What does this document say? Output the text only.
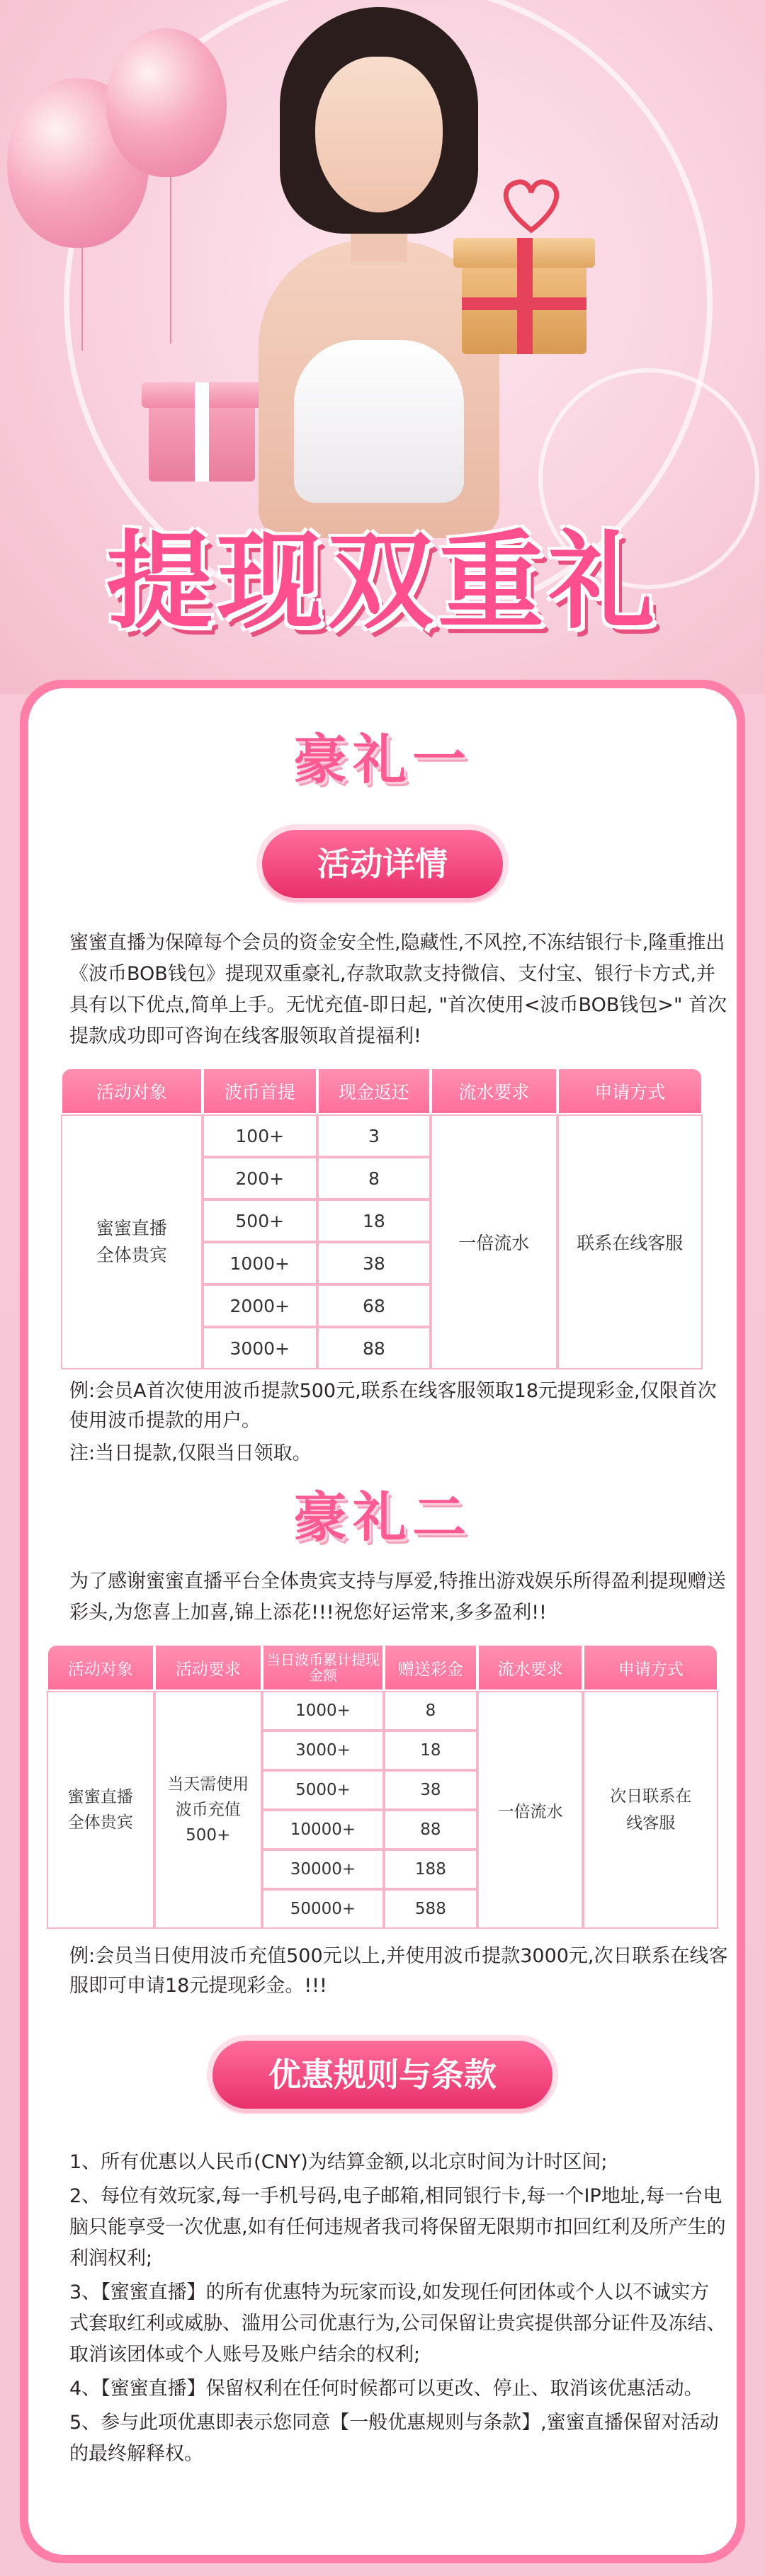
提现双重礼
豪礼一
活动详情
蜜蜜直播为保障每个会员的资金安全性,隐藏性,不风控,不冻结银行卡,隆重推出《波币BOB钱包》提现双重豪礼,存款取款支持微信、支付宝、银行卡方式,并具有以下优点,简单上手。无忧充值-即日起, "首次使用<波币BOB钱包>" 首次提款成功即可咨询在线客服领取首提福利!
活动对象	波币首提	现金返还	流水要求	申请方式
蜜蜜直播全体贵宾	100+	3	一倍流水	联系在线客服
	200+	8		
	500+	18		
	1000+	38		
	2000+	68		
	3000+	88		
例:会员A首次使用波币提款500元,联系在线客服领取18元提现彩金,仅限首次使用波币提款的用户。
注:当日提款,仅限当日领取。
豪礼二
为了感谢蜜蜜直播平台全体贵宾支持与厚爱,特推出游戏娱乐所得盈利提现赠送彩头,为您喜上加喜,锦上添花!!!祝您好运常来,多多盈利!!
活动对象	活动要求	当日波币累计提现金额	赠送彩金	流水要求	申请方式
蜜蜜直播全体贵宾	当天需使用波币充值500+	1000+	8	一倍流水	次日联系在线客服
		3000+	18		
		5000+	38		
		10000+	88		
		30000+	188		
		50000+	588		
例:会员当日使用波币充值500元以上,并使用波币提款3000元,次日联系在线客服即可申请18元提现彩金。!!!
优惠规则与条款
1、所有优惠以人民币(CNY)为结算金额,以北京时间为计时区间;
2、每位有效玩家,每一手机号码,电子邮箱,相同银行卡,每一个IP地址,每一台电脑只能享受一次优惠,如有任何违规者我司将保留无限期市扣回红利及所产生的利润权利;
3、【蜜蜜直播】的所有优惠特为玩家而设,如发现任何团体或个人以不诚实方式套取红利或威胁、滥用公司优惠行为,公司保留让贵宾提供部分证件及冻结、取消该团体或个人账号及账户结余的权利;
4、【蜜蜜直播】保留权利在任何时候都可以更改、停止、取消该优惠活动。
5、参与此项优惠即表示您同意【一般优惠规则与条款】,蜜蜜直播保留对活动的最终解释权。
